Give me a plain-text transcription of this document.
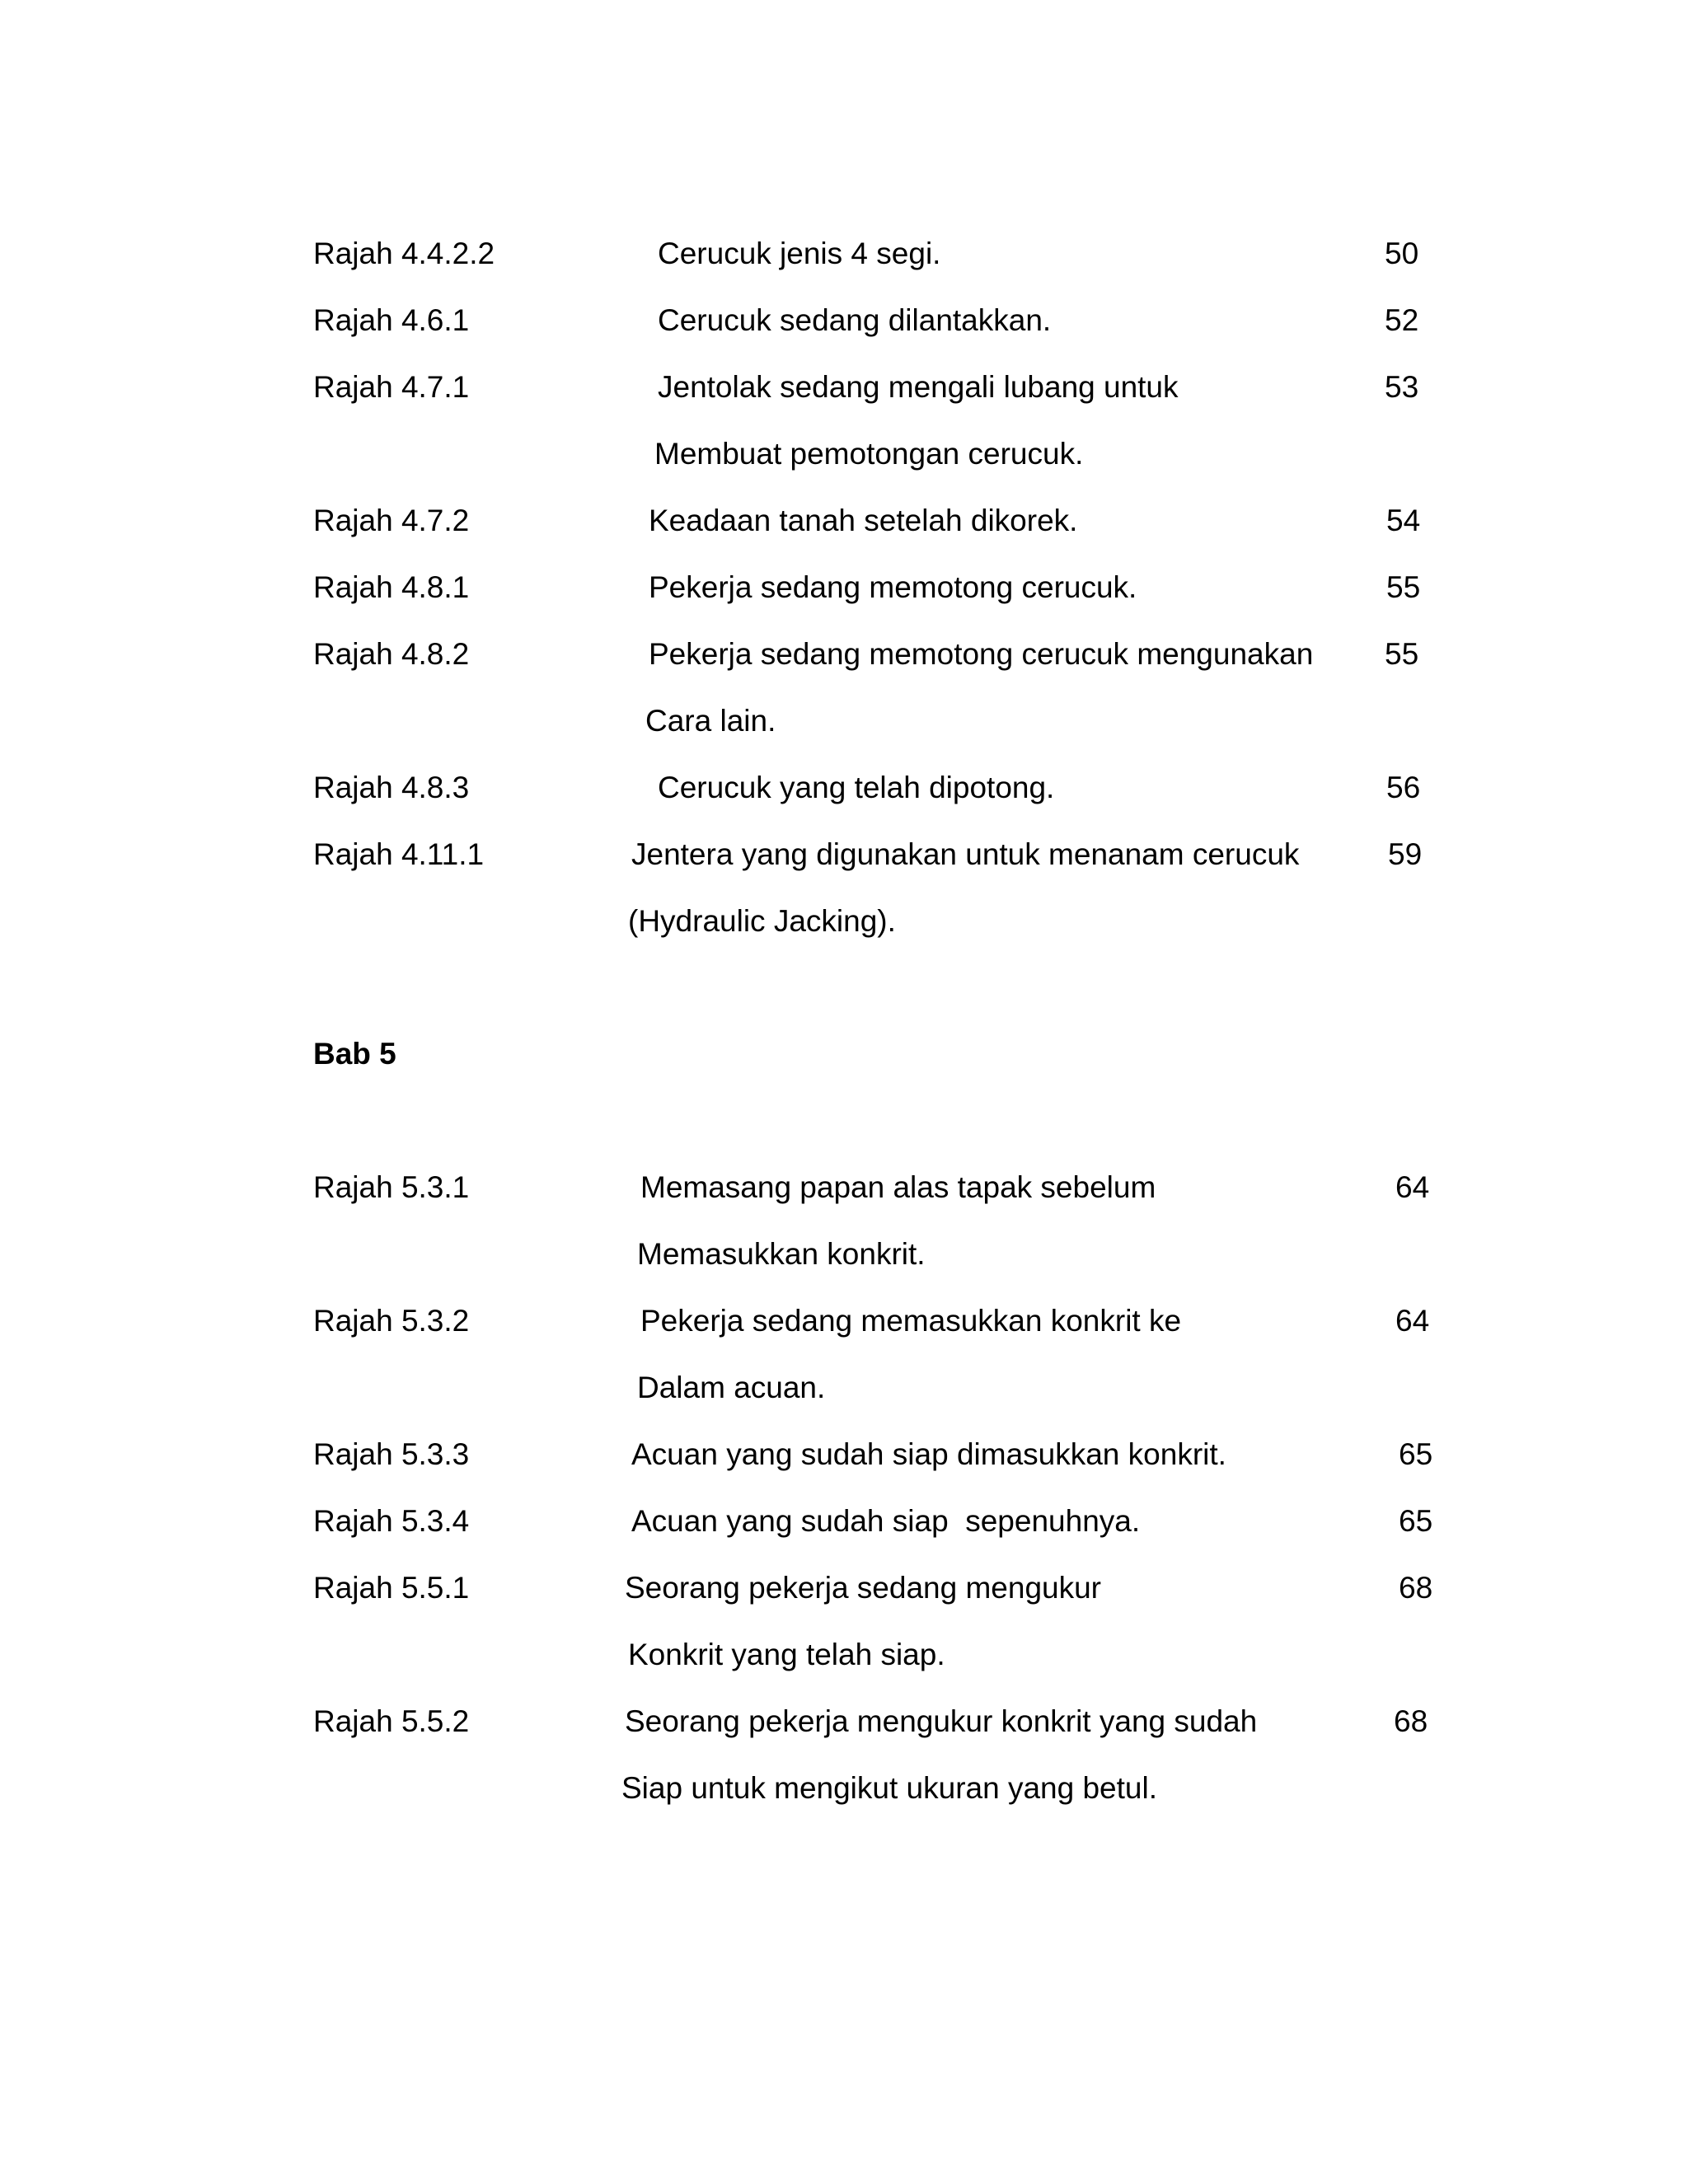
Rajah 4.4.2.2	Cerucuk jenis 4 segi.	50
Rajah 4.6.1	Cerucuk sedang dilantakkan.	52
Rajah 4.7.1	Jentolak sedang mengali lubang untuk	53
Membuat pemotongan cerucuk.
Rajah 4.7.2	Keadaan tanah setelah dikorek.	54
Rajah 4.8.1	Pekerja sedang memotong cerucuk.	55
Rajah 4.8.2	Pekerja sedang memotong cerucuk mengunakan 55
Cara lain.
Rajah 4.8.3	Cerucuk yang telah dipotong.	56
Rajah 4.11.1	Jentera yang digunakan untuk menanam cerucuk	59
(Hydraulic Jacking).
Bab 5
Rajah 5.3.1	Memasang papan alas tapak sebelum	64
Memasukkan konkrit.
Rajah 5.3.2	Pekerja sedang memasukkan konkrit ke	64
Dalam acuan.
Rajah 5.3.3	Acuan yang sudah siap dimasukkan konkrit.	65
Rajah 5.3.4	Acuan yang sudah siap  sepenuhnya.	65
Rajah 5.5.1	Seorang pekerja sedang mengukur	68
Konkrit yang telah siap.
Rajah 5.5.2	Seorang pekerja mengukur konkrit yang sudah	68
Siap untuk mengikut ukuran yang betul.
